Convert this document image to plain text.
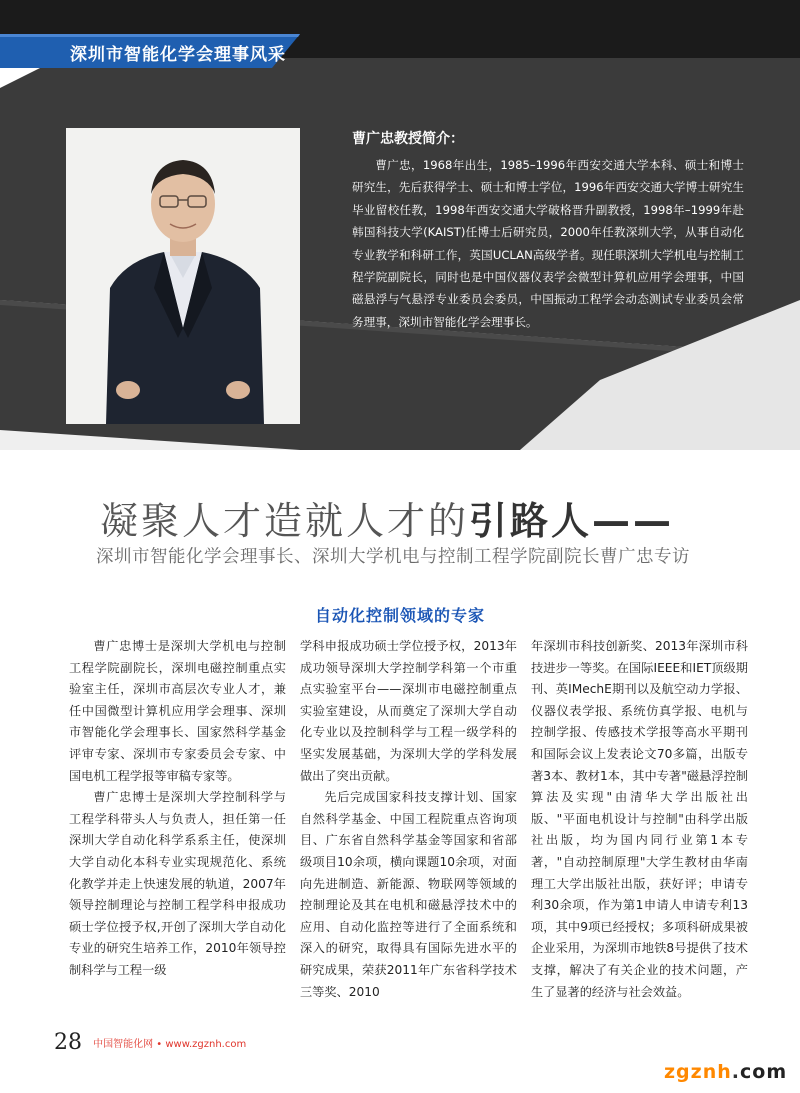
深圳市智能化学会理事风采
曹广忠教授简介：
曹广忠，1968年出生，1985–1996年西安交通大学本科、硕士和博士研究生，先后获得学士、硕士和博士学位，1996年西安交通大学博士研究生毕业留校任教，1998年西安交通大学破格晋升副教授，1998年–1999年赴韩国科技大学(KAIST)任博士后研究员，2000年任教深圳大学，从事自动化专业教学和科研工作，英国UCLAN高级学者。现任职深圳大学机电与控制工程学院副院长，同时也是中国仪器仪表学会微型计算机应用学会理事，中国磁悬浮与气悬浮专业委员会委员，中国振动工程学会动态测试专业委员会常务理事，深圳市智能化学会理事长。
凝聚人才造就人才的引路人——
深圳市智能化学会理事长、深圳大学机电与控制工程学院副院长曹广忠专访
自动化控制领域的专家

曹广忠博士是深圳大学机电与控制工程学院副院长，深圳电磁控制重点实验室主任，深圳市高层次专业人才，兼任中国微型计算机应用学会理事、深圳市智能化学会理事长、国家然科学基金评审专家、深圳市专家委员会专家、中国电机工程学报等审稿专家等。

曹广忠博士是深圳大学控制科学与工程学科带头人与负责人，担任第一任深圳大学自动化科学系系主任，使深圳大学自动化本科专业实现规范化、系统化教学并走上快速发展的轨道，2007年领导控制理论与控制工程学科申报成功硕士学位授予权,开创了深圳大学自动化专业的研究生培养工作，2010年领导控制科学与工程一级

学科申报成功硕士学位授予权，2013年成功领导深圳大学控制学科第一个市重点实验室平台——深圳市电磁控制重点实验室建设，从而奠定了深圳大学自动化专业以及控制科学与工程一级学科的坚实发展基础，为深圳大学的学科发展做出了突出贡献。

先后完成国家科技支撑计划、国家自然科学基金、中国工程院重点咨询项目、广东省自然科学基金等国家和省部级项目10余项，横向课题10余项，对面向先进制造、新能源、物联网等领域的控制理论及其在电机和磁悬浮技术中的应用、自动化监控等进行了全面系统和深入的研究，取得具有国际先进水平的研究成果，荣获2011年广东省科学技术三等奖、2010

年深圳市科技创新奖、2013年深圳市科技进步一等奖。在国际IEEE和IET顶级期刊、英IMechE期刊以及航空动力学报、仪器仪表学报、系统仿真学报、电机与控制学报、传感技术学报等高水平期刊和国际会议上发表论文70多篇，出版专著3本、教材1本，其中专著"磁悬浮控制算法及实现"由清华大学出版社出版、"平面电机设计与控制"由科学出版社出版，均为国内同行业第1本专著，"自动控制原理"大学生教材由华南理工大学出版社出版，获好评；申请专利30余项，作为第1申请人申请专利13项，其中9项已经授权；多项科研成果被企业采用，为深圳市地铁8号提供了技术支撑，解决了有关企业的技术问题，产生了显著的经济与社会效益。

28 中国智能化网 • www.zgznh.com
zgznh.com
